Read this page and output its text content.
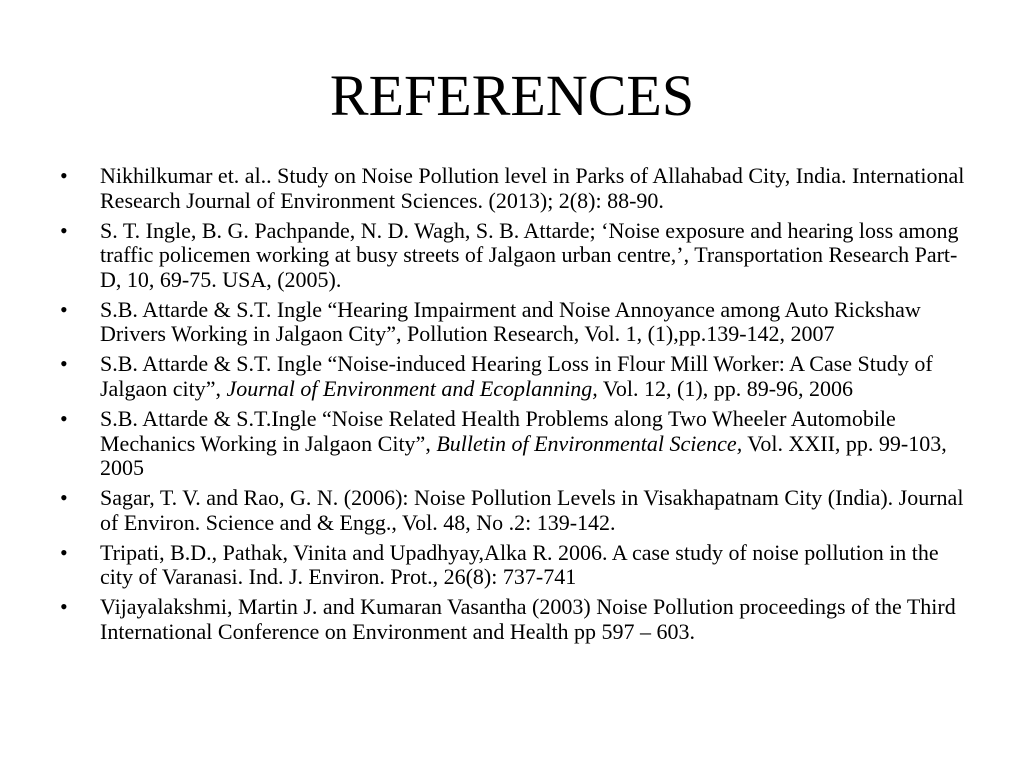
REFERENCES
•	Nikhilkumar et. al.. Study on Noise Pollution level in Parks of Allahabad City, India. International Research Journal of Environment Sciences. (2013); 2(8): 88-90.
•	S. T. Ingle, B. G. Pachpande, N. D. Wagh, S. B. Attarde; ‘Noise exposure and hearing loss among traffic policemen working at busy streets of Jalgaon urban centre,’, Transportation Research Part-D, 10, 69-75. USA, (2005).
•	S.B. Attarde & S.T. Ingle “Hearing Impairment and Noise Annoyance among Auto Rickshaw Drivers Working in Jalgaon City”, Pollution Research, Vol. 1, (1),pp.139-142, 2007
•	S.B. Attarde & S.T. Ingle “Noise-induced Hearing Loss in Flour Mill Worker: A Case Study of Jalgaon city”, Journal of Environment and Ecoplanning, Vol. 12, (1), pp. 89-96, 2006
•	S.B. Attarde & S.T.Ingle “Noise Related Health Problems along Two Wheeler Automobile Mechanics Working in Jalgaon City”, Bulletin of Environmental Science, Vol. XXII, pp. 99-103, 2005
•	Sagar, T. V. and Rao, G. N. (2006): Noise Pollution Levels in Visakhapatnam City (India). Journal of Environ. Science and & Engg., Vol. 48, No .2: 139-142.
•	Tripati, B.D., Pathak, Vinita and Upadhyay,Alka R. 2006. A case study of noise pollution in the city of Varanasi. Ind. J. Environ. Prot., 26(8): 737-741
•	Vijayalakshmi, Martin J. and Kumaran Vasantha (2003) Noise Pollution proceedings of the Third International Conference on Environment and Health pp 597 – 603.
